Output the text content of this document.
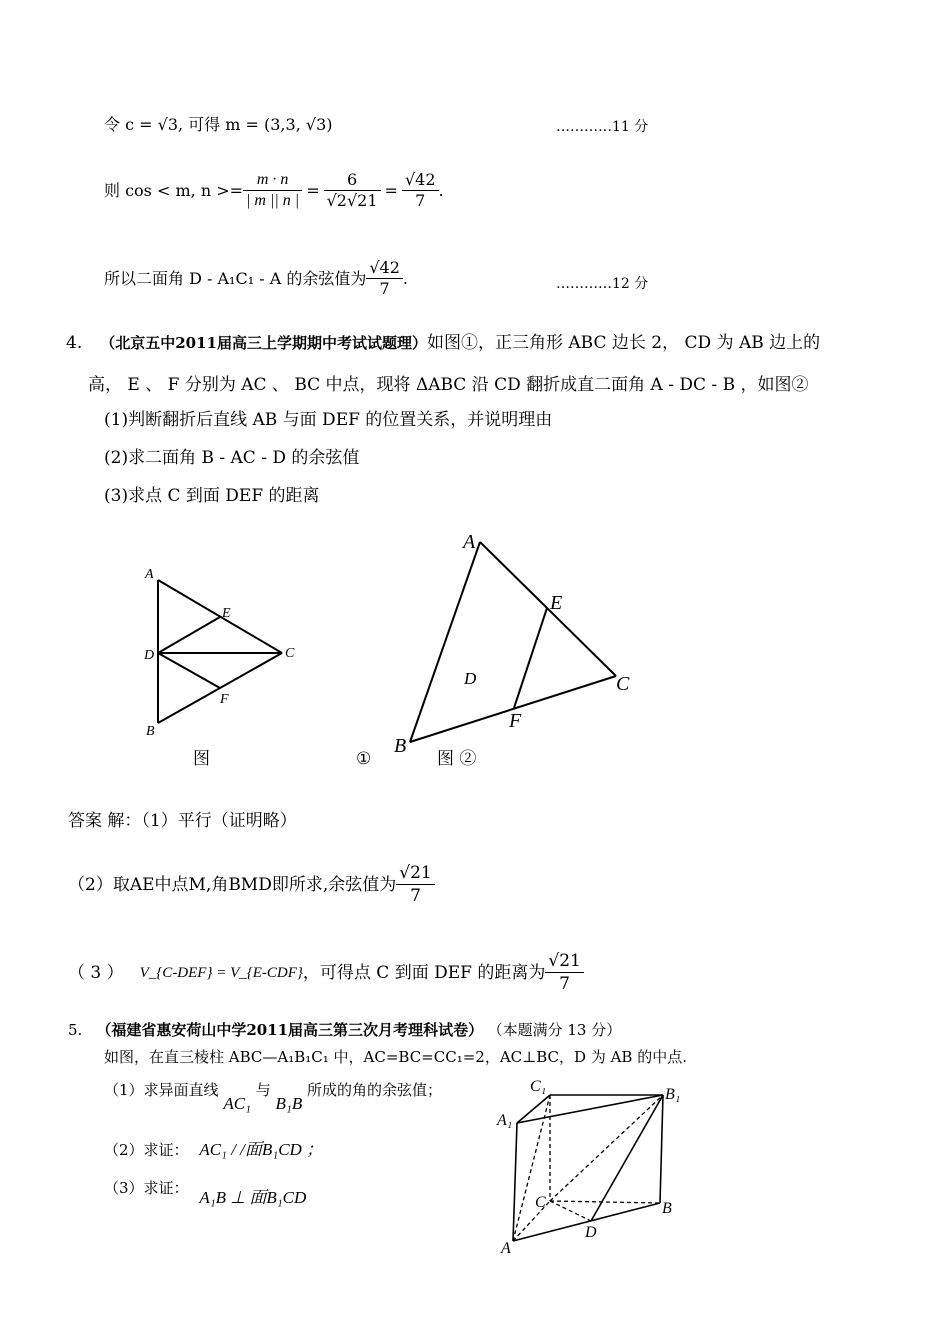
令 c = √3, 可得 m = (3,3, √3)	…………11 分
则 cos < m, $n >= \frac{m \cdot n}{| m || n |} = \frac{6}{√2√21} = \frac{√42}{7}$ .
所以二面角 D - A₁C₁ - A 的余弦值为 $\frac{√42}{7}$ .	…………12 分
4. （北京五中2011届高三上学期期中考试试题理）如图①，正三角形 ABC 边长 2， CD 为 AB 边上的
高， E 、 F 分别为 AC 、 BC 中点，现将 ΔABC 沿 CD 翻折成直二面角 A - DC - B ，如图②
(1)判断翻折后直线 AB 与面 DEF 的位置关系，并说明理由
(2)求二面角 B - AC - D 的余弦值
(3)求点 C 到面 DEF 的距离
A
E
D	C
F
B
图	①
A
E
D	C
F
B
图 ②
答案 解：（1）平行（证明略）
（2）取AE中点M,角BMD即所求,余弦值为 $\frac{√21}{7}$
（ 3 ） V_{C-DEF} = V_{E-CDF} ，可得点 C 到面 DEF 的距离为 $\frac{√21}{7}$
5. （福建省惠安荷山中学2011届高三第三次月考理科试卷） （本题满分 13 分）
如图，在直三棱柱 ABC—A₁B₁C₁ 中，AC=BC=CC₁=2，AC⊥BC，D 为 AB 的中点.
（1）求异面直线 AC₁ 与 B₁B 所成的角的余弦值；
（2）求证： AC₁ / /面B₁CD ；
（3）求证： A₁B ⊥ 面B₁CD
C₁	B₁
A₁
C	B
D
A
